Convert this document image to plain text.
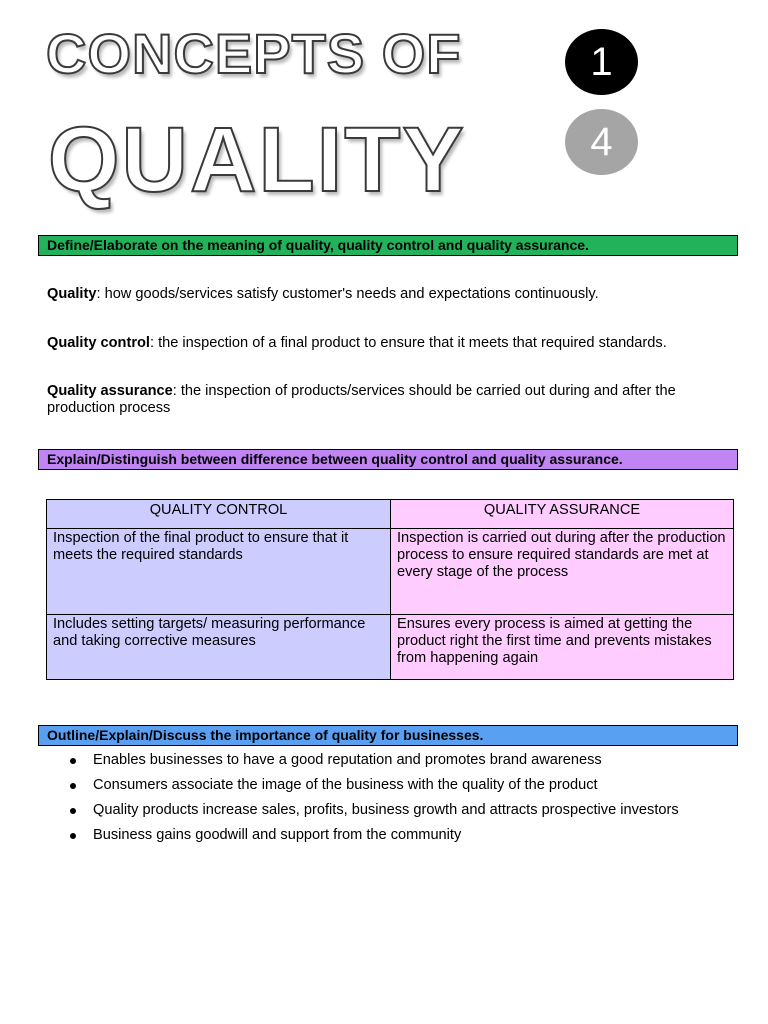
CONCEPTS OF
QUALITY
1
4
Define/Elaborate on the meaning of quality, quality control and quality assurance.
Quality: how goods/services satisfy customer's needs and expectations continuously.
Quality control: the inspection of a final product to ensure that it meets that required standards.
Quality assurance: the inspection of products/services should be carried out during and after the production process
Explain/Distinguish between difference between quality control and quality assurance.
QUALITY CONTROL	QUALITY ASSURANCE
Inspection of the final product to ensure that it meets the required standards	Inspection is carried out during after the production process to ensure required standards are met at every stage of the process
Includes setting targets/ measuring performance and taking corrective measures	Ensures every process is aimed at getting the product right the first time and prevents mistakes from happening again
Outline/Explain/Discuss the importance of quality for businesses.
Enables businesses to have a good reputation and promotes brand awareness
Consumers associate the image of the business with the quality of the product
Quality products increase sales, profits, business growth and attracts prospective investors
Business gains goodwill and support from the community
